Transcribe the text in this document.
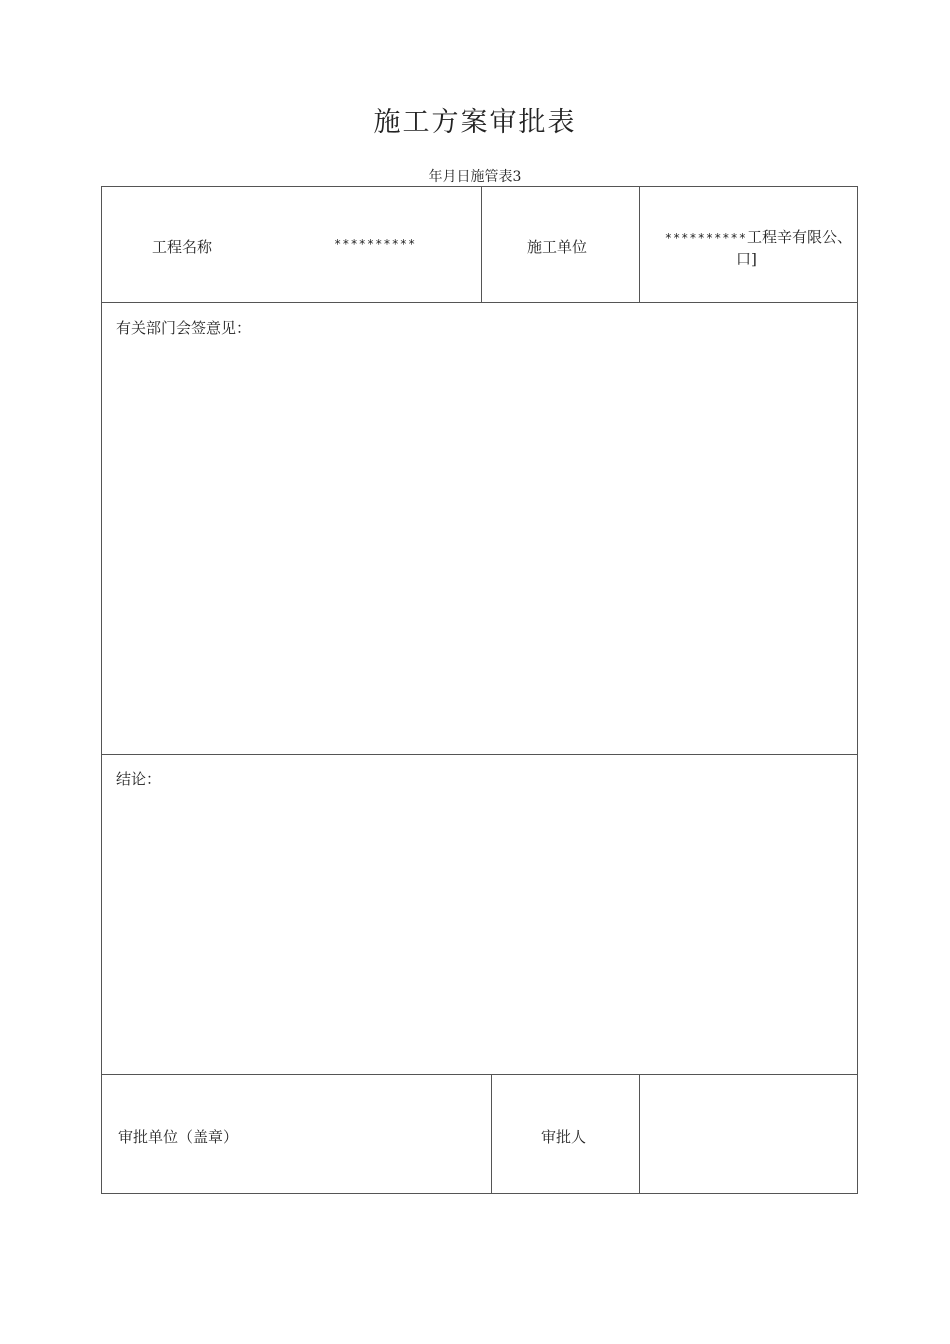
施工方案审批表
年月日施管表3
工程名称	**********	施工单位	**********工程辛有限公、
口]
有关部门会签意见：
结论：
审批单位（盖章）	审批人
